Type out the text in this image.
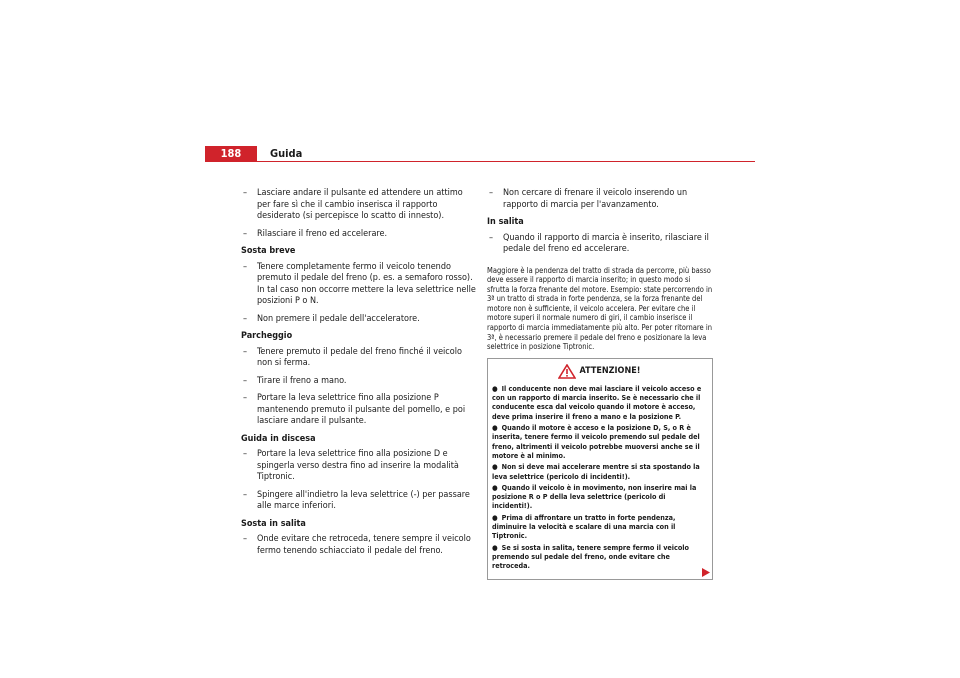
188	Guida
– Lasciare andare il pulsante ed attendere un attimo per fare sì che il cambio inserisca il rapporto desiderato (si percepisce lo scatto di innesto).
– Rilasciare il freno ed accelerare.
Sosta breve
– Tenere completamente fermo il veicolo tenendo premuto il pedale del freno (p. es. a semaforo rosso). In tal caso non occorre mettere la leva selettrice nelle posizioni P o N.
– Non premere il pedale dell'acceleratore.
Parcheggio
– Tenere premuto il pedale del freno finché il veicolo non si ferma.
– Tirare il freno a mano.
– Portare la leva selettrice fino alla posizione P mantenendo premuto il pulsante del pomello, e poi lasciare andare il pulsante.
Guida in discesa
– Portare la leva selettrice fino alla posizione D e spingerla verso destra fino ad inserire la modalità Tiptronic.
– Spingere all'indietro la leva selettrice (-) per passare alle marce inferiori.
Sosta in salita
– Onde evitare che retroceda, tenere sempre il veicolo fermo tenendo schiacciato il pedale del freno.
– Non cercare di frenare il veicolo inserendo un rapporto di marcia per l'avanzamento.
In salita
– Quando il rapporto di marcia è inserito, rilasciare il pedale del freno ed accelerare.
Maggiore è la pendenza del tratto di strada da percorre, più basso deve essere il rapporto di marcia inserito; in questo modo si sfrutta la forza frenante del motore. Esempio: state percorrendo in 3ª un tratto di strada in forte pendenza, se la forza frenante del motore non è sufficiente, il veicolo accelera. Per evitare che il motore superi il normale numero di giri, il cambio inserisce il rapporto di marcia immediatamente più alto. Per poter ritornare in 3ª, è necessario premere il pedale del freno e posizionare la leva selettrice in posizione Tiptronic.
ATTENZIONE!
● Il conducente non deve mai lasciare il veicolo acceso e con un rapporto di marcia inserito. Se è necessario che il conducente esca dal veicolo quando il motore è acceso, deve prima inserire il freno a mano e la posizione P.
● Quando il motore è acceso e la posizione D, S, o R è inserita, tenere fermo il veicolo premendo sul pedale del freno, altrimenti il veicolo potrebbe muoversi anche se il motore è al minimo.
● Non si deve mai accelerare mentre si sta spostando la leva selettrice (pericolo di incidenti!).
● Quando il veicolo è in movimento, non inserire mai la posizione R o P della leva selettrice (pericolo di incidenti!).
● Prima di affrontare un tratto in forte pendenza, diminuire la velocità e scalare di una marcia con il Tiptronic.
● Se si sosta in salita, tenere sempre fermo il veicolo premendo sul pedale del freno, onde evitare che retroceda.
